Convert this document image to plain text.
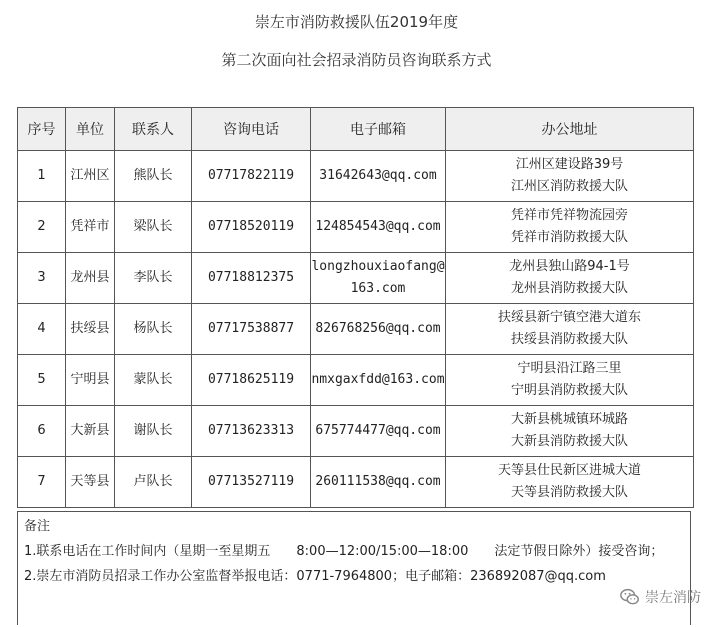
崇左市消防救援队伍2019年度
第二次面向社会招录消防员咨询联系方式
序号	单位	联系人	咨询电话	电子邮箱	办公地址
1	江州区	熊队长	07717822119	31642643@qq.com	江州区建设路39号
江州区消防救援大队

2	凭祥市	梁队长	07718520119	124854543@qq.com	凭祥市凭祥物流园旁
凭祥市消防救援大队

3	龙州县	李队长	07718812375	longzhouxiaofang@163.com	龙州县独山路94-1号
龙州县消防救援大队

4	扶绥县	杨队长	07717538877	826768256@qq.com	扶绥县新宁镇空港大道东
扶绥县消防救援大队

5	宁明县	蒙队长	07718625119	nmxgaxfdd@163.com	宁明县沿江路三里
宁明县消防救援大队

6	大新县	谢队长	07713623313	675774477@qq.com	大新县桃城镇环城路
大新县消防救援大队

7	天等县	卢队长	07713527119	260111538@qq.com	天等县仕民新区进城大道
天等县消防救援大队

备注

1.联系电话在工作时间内（星期一至星期五　　8:00—12:00/15:00—18:00　　法定节假日除外）接受咨询；

2.崇左市消防员招录工作办公室监督举报电话：0771-7964800；电子邮箱：236892087@qq.com

崇左消防
